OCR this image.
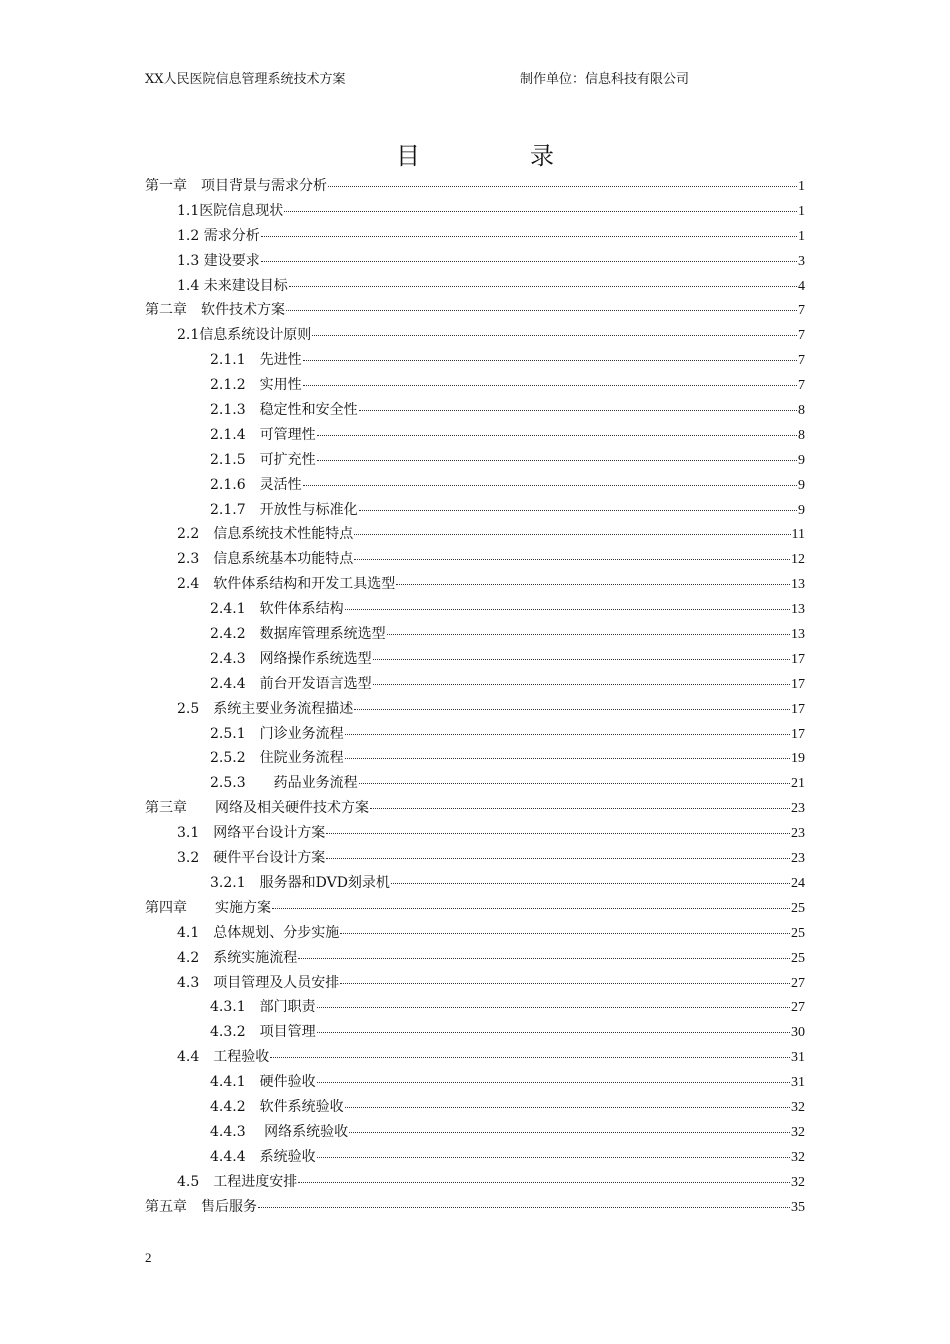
XX人民医院信息管理系统技术方案	制作单位：信息科技有限公司
目录
第一章　项目背景与需求分析	1
1.1医院信息现状	1
1.2 需求分析	1
1.3 建设要求	3
1.4 未来建设目标	4
第二章　软件技术方案	7
2.1信息系统设计原则	7
2.1.1　先进性	7
2.1.2　实用性	7
2.1.3　稳定性和安全性	8
2.1.4　可管理性	8
2.1.5　可扩充性	9
2.1.6　灵活性	9
2.1.7　开放性与标准化	9
2.2　信息系统技术性能特点	11
2.3　信息系统基本功能特点	12
2.4　软件体系结构和开发工具选型	13
2.4.1　软件体系结构	13
2.4.2　数据库管理系统选型	13
2.4.3　网络操作系统选型	17
2.4.4　前台开发语言选型	17
2.5　系统主要业务流程描述	17
2.5.1　门诊业务流程	17
2.5.2　住院业务流程	19
2.5.3　　药品业务流程	21
第三章　　网络及相关硬件技术方案	23
3.1　网络平台设计方案	23
3.2　硬件平台设计方案	23
3.2.1　服务器和DVD刻录机	24
第四章　　实施方案	25
4.1　总体规划、分步实施	25
4.2　系统实施流程	25
4.3　项目管理及人员安排	27
4.3.1　部门职责	27
4.3.2　项目管理	30
4.4　工程验收	31
4.4.1　硬件验收	31
4.4.2　软件系统验收	32
4.4.3　 网络系统验收	32
4.4.4　系统验收	32
4.5　工程进度安排	32
第五章　售后服务	35
2
